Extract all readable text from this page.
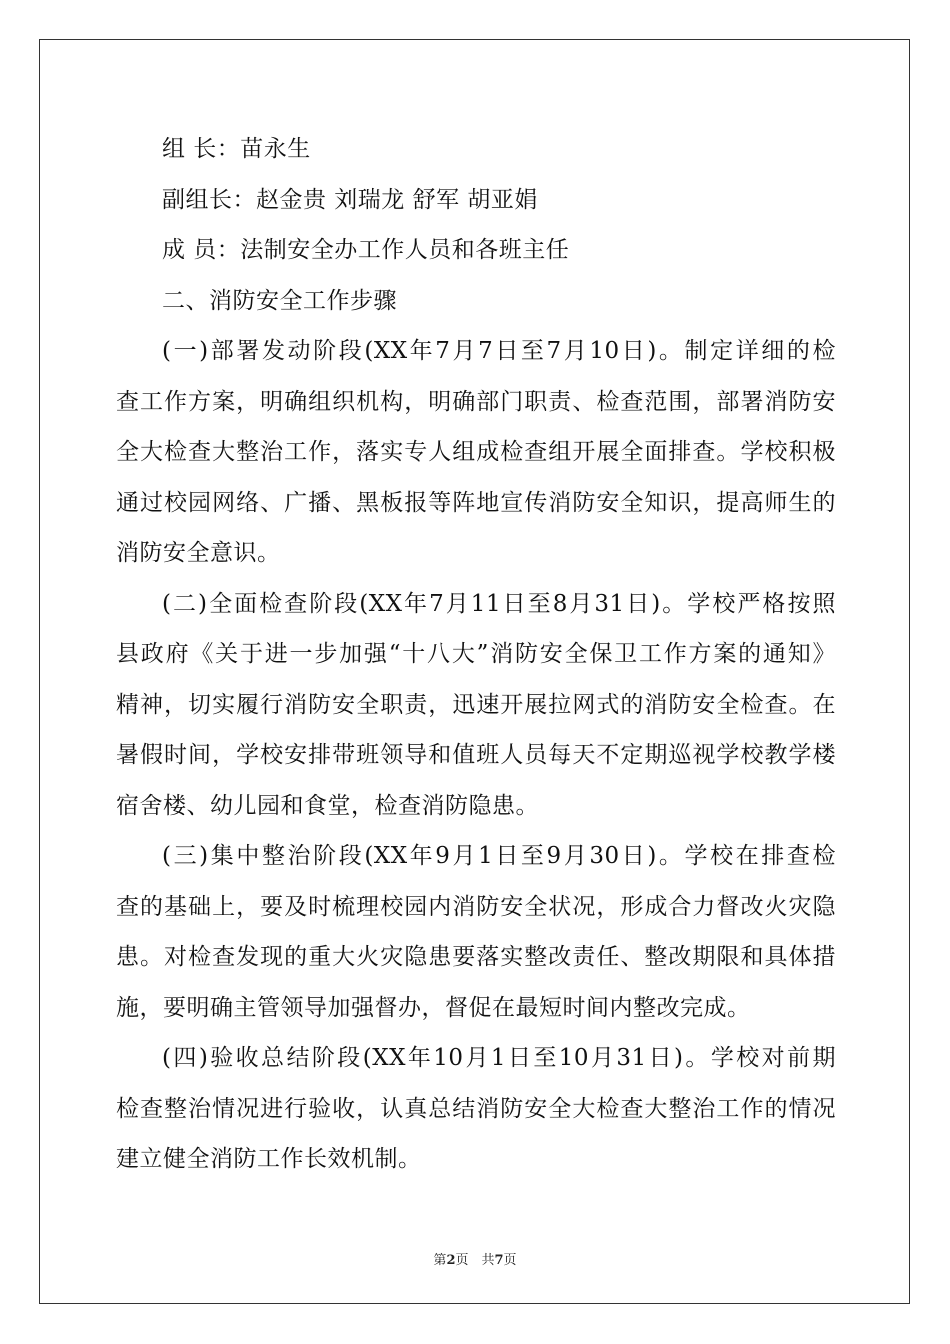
组 长：苗永生
副组长：赵金贵 刘瑞龙 舒军 胡亚娟
成 员：法制安全办工作人员和各班主任
二、消防安全工作步骤
(一)部署发动阶段(XX年7月7日至7月10日)。制定详细的检
查工作方案，明确组织机构，明确部门职责、检查范围，部署消防安
全大检查大整治工作，落实专人组成检查组开展全面排查。学校积极
通过校园网络、广播、黑板报等阵地宣传消防安全知识，提高师生的
消防安全意识。
(二)全面检查阶段(XX年7月11日至8月31日)。学校严格按照
县政府《关于进一步加强“十八大”消防安全保卫工作方案的通知》
精神，切实履行消防安全职责，迅速开展拉网式的消防安全检查。在
暑假时间，学校安排带班领导和值班人员每天不定期巡视学校教学楼
宿舍楼、幼儿园和食堂，检查消防隐患。
(三)集中整治阶段(XX年9月1日至9月30日)。学校在排查检
查的基础上，要及时梳理校园内消防安全状况，形成合力督改火灾隐
患。对检查发现的重大火灾隐患要落实整改责任、整改期限和具体措
施，要明确主管领导加强督办，督促在最短时间内整改完成。
(四)验收总结阶段(XX年10月1日至10月31日)。学校对前期
检查整治情况进行验收，认真总结消防安全大检查大整治工作的情况
建立健全消防工作长效机制。
第2页　共7页
